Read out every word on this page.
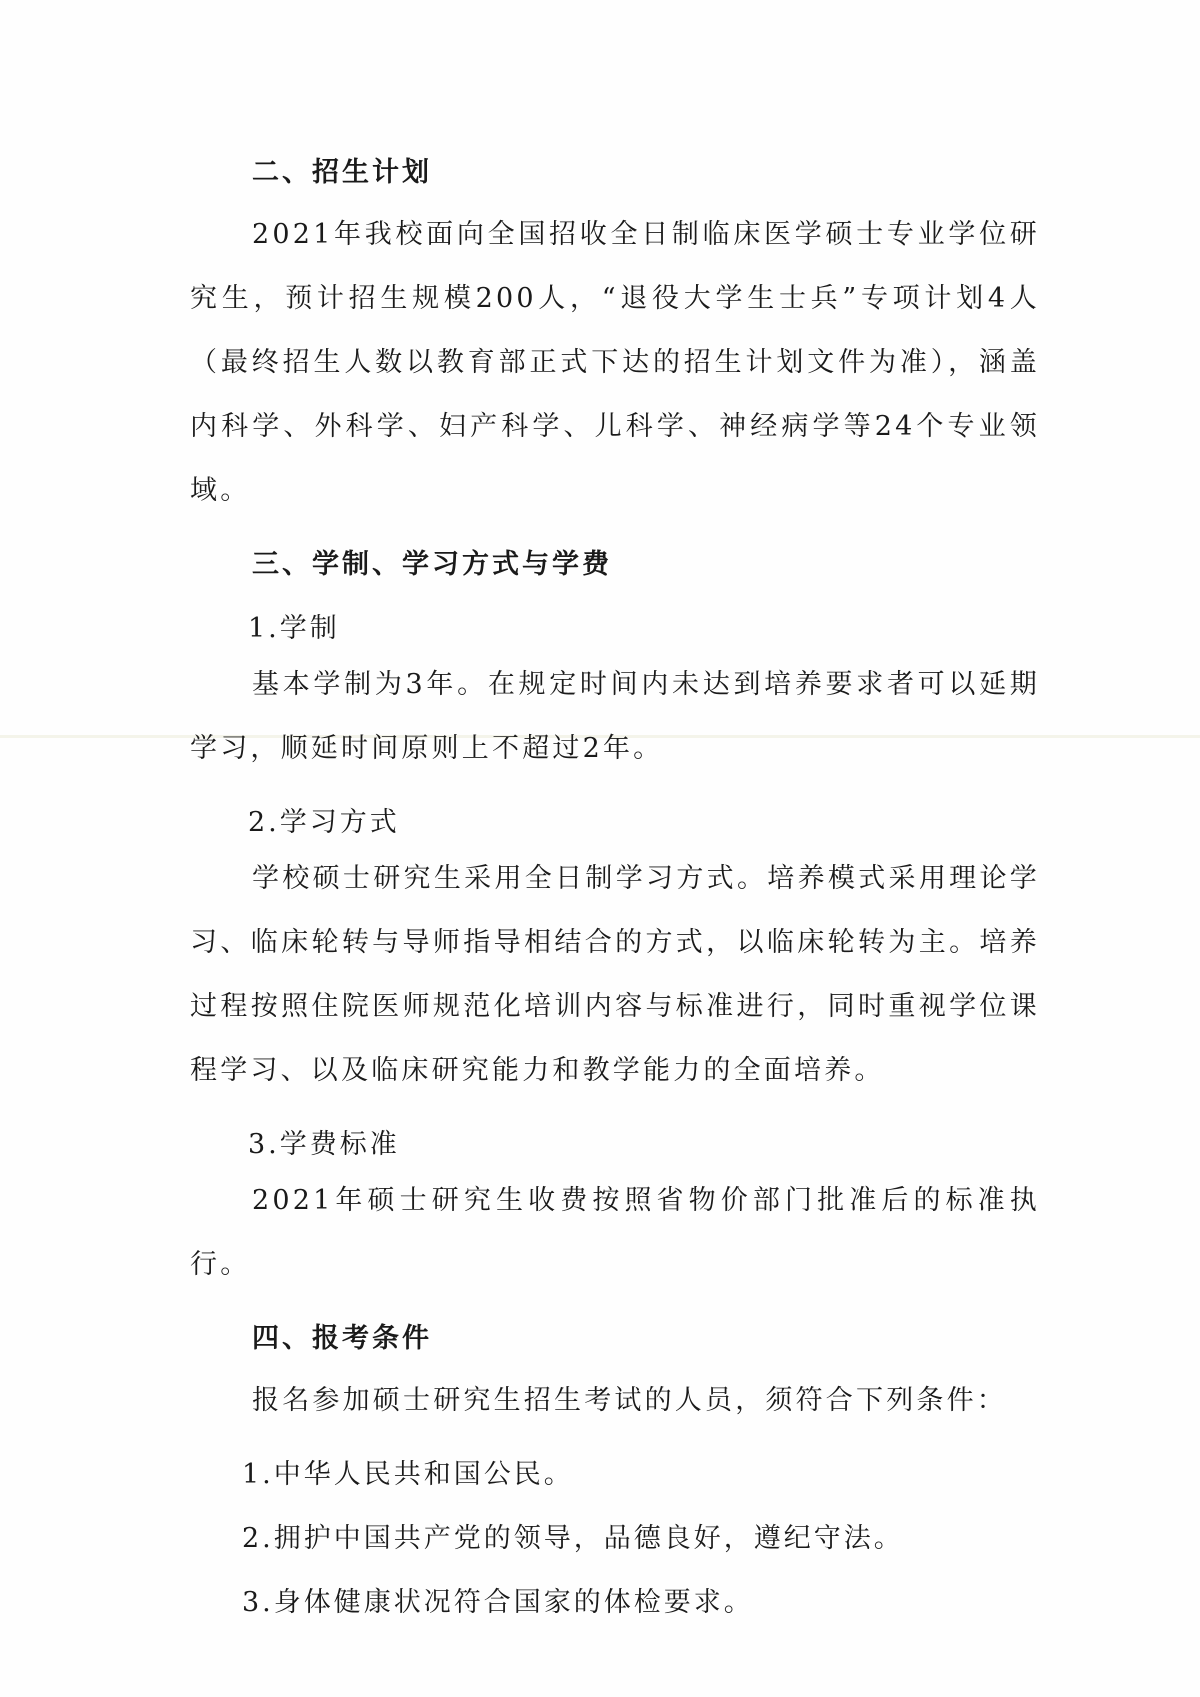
二、招生计划

2021年我校面向全国招收全日制临床医学硕士专业学位研究生，预计招生规模200人，“退役大学生士兵”专项计划4人（最终招生人数以教育部正式下达的招生计划文件为准），涵盖内科学、外科学、妇产科学、儿科学、神经病学等24个专业领域。

三、学制、学习方式与学费

1.学制

基本学制为3年。在规定时间内未达到培养要求者可以延期学习，顺延时间原则上不超过2年。

2.学习方式

学校硕士研究生采用全日制学习方式。培养模式采用理论学习、临床轮转与导师指导相结合的方式，以临床轮转为主。培养过程按照住院医师规范化培训内容与标准进行，同时重视学位课程学习、以及临床研究能力和教学能力的全面培养。

3.学费标准

2021年硕士研究生收费按照省物价部门批准后的标准执行。

四、报考条件

报名参加硕士研究生招生考试的人员，须符合下列条件：

1.中华人民共和国公民。

2.拥护中国共产党的领导，品德良好，遵纪守法。

3.身体健康状况符合国家的体检要求。
